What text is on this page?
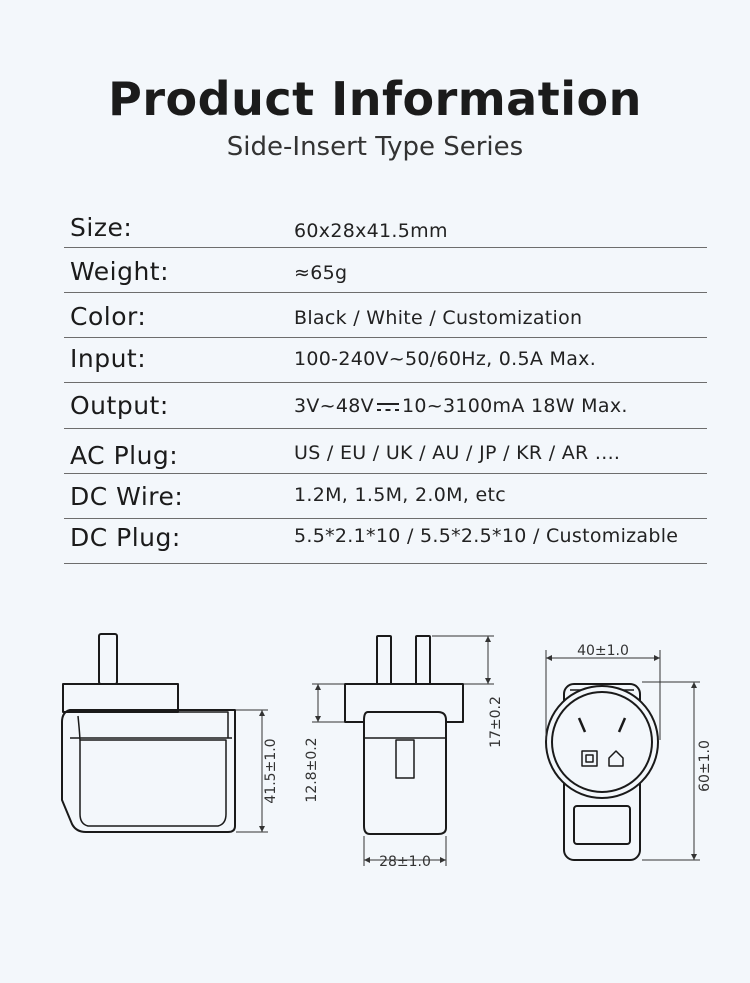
Product Information
Side-Insert Type Series
Size:	60x28x41.5mm
Weight:	≈65g
Color:	Black / White / Customization
Input:	100-240V~50/60Hz, 0.5A Max.
Output:	3V~48V 10~3100mA 18W Max.
AC Plug:	US / EU / UK / AU / JP / KR / AR ....
DC Wire:	1.2M, 1.5M, 2.0M, etc
DC Plug:	5.5*2.1*10 / 5.5*2.5*10 / Customizable
41.5±1.0 12.8±0.2
17±0.2
28±1.0
40±1.0
60±1.0
